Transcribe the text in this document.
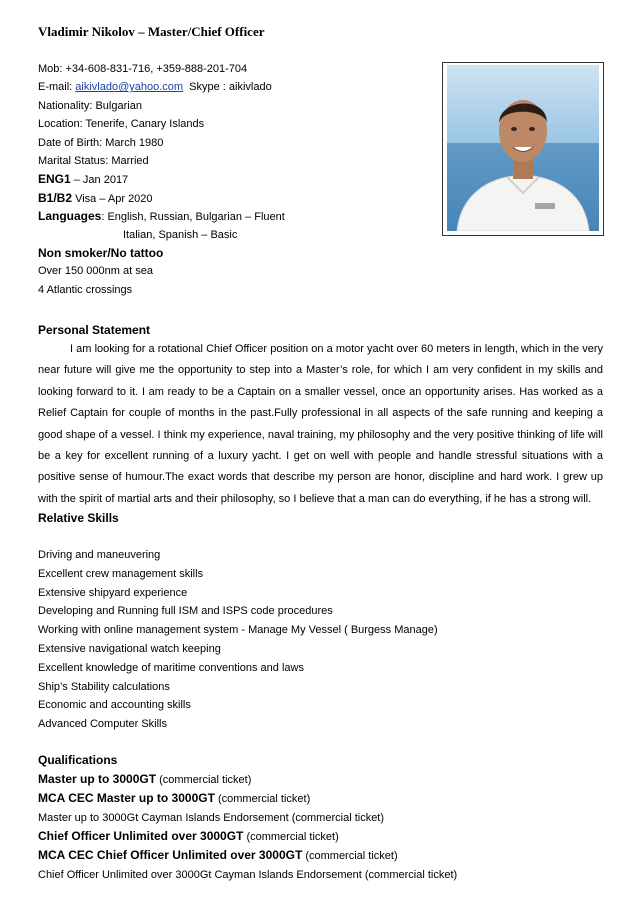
Vladimir Nikolov – Master/Chief Officer
Mob: +34-608-831-716, +359-888-201-704
E-mail: aikivlado@yahoo.com  Skype : aikivlado
Nationality: Bulgarian
Location: Tenerife, Canary Islands
Date of Birth: March 1980
Marital Status: Married
ENG1 – Jan 2017
B1/B2 Visa – Apr 2020
Languages: English, Russian, Bulgarian – Fluent
Italian, Spanish – Basic
Non smoker/No tattoo
Over 150 000nm at sea
4 Atlantic crossings
Personal Statement
I am looking for a rotational Chief Officer position on a motor yacht over 60 meters in length, which in the very near future will give me the opportunity to step into a Master’s role, for which I am very confident in my skills and looking forward to it. I am ready to be a Captain on a smaller vessel, once an opportunity arises. Has worked as a Relief Captain for couple of months in the past.Fully professional in all aspects of the safe running and keeping a good shape of a vessel. I think my experience, naval training, my philosophy and the very positive thinking of life will be a key for excellent running of a luxury yacht. I get on well with people and handle stressful situations with a positive sense of humour.The exact words that describe my person are honor, discipline and hard work. I grew up with the spirit of martial arts and their philosophy, so I believe that a man can do everything, if he has a strong will.
Relative Skills
Driving and maneuvering
Excellent crew management skills
Extensive shipyard experience
Developing and Running full ISM and ISPS code procedures
Working with online management system - Manage My Vessel ( Burgess Manage)
Extensive navigational watch keeping
Excellent knowledge of maritime conventions and laws
Ship’s Stability calculations
Economic and accounting skills
Advanced Computer Skills
Qualifications
Master up to 3000GT (commercial ticket)
MCA CEC Master up to 3000GT (commercial ticket)
Master up to 3000Gt Cayman Islands Endorsement (commercial ticket)
Chief Officer Unlimited over 3000GT (commercial ticket)
MCA CEC Chief Officer Unlimited over 3000GT (commercial ticket)
Chief Officer Unlimited over 3000Gt Cayman Islands Endorsement (commercial ticket)
